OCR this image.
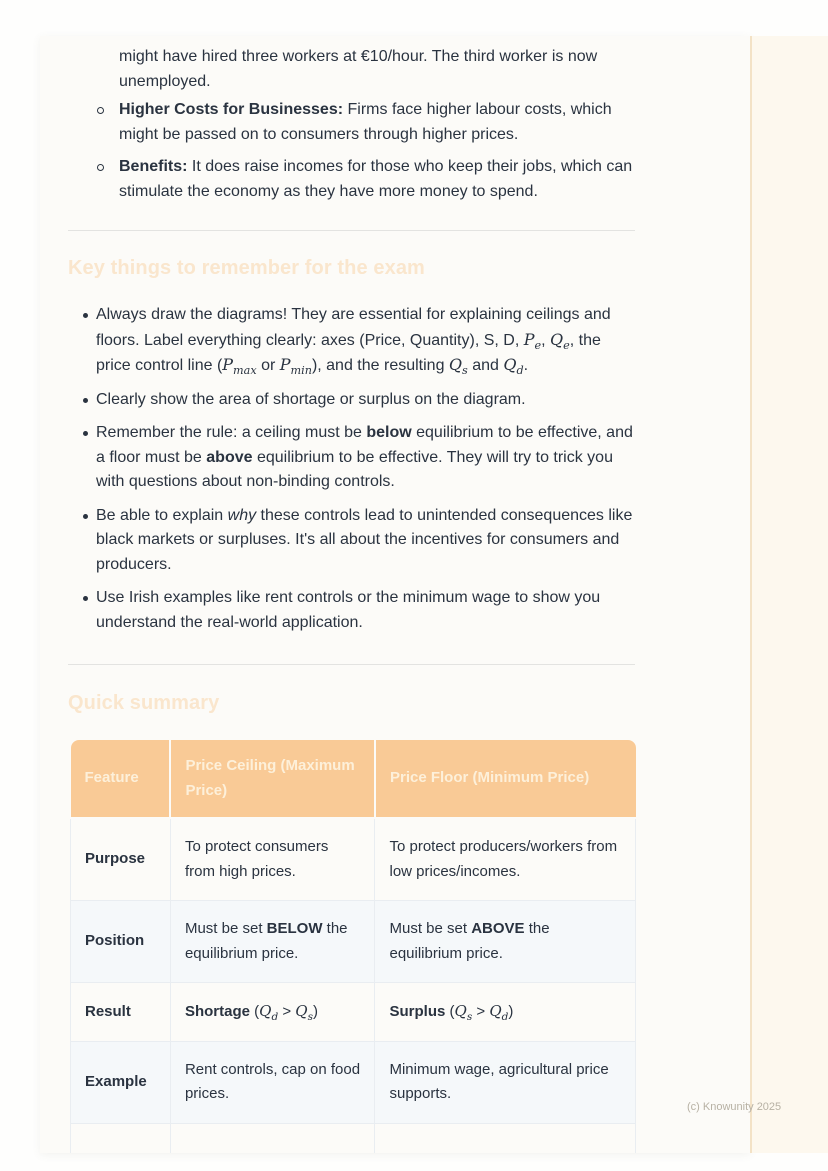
might have hired three workers at €10/hour. The third worker is now unemployed.
Higher Costs for Businesses: Firms face higher labour costs, which might be passed on to consumers through higher prices.
Benefits: It does raise incomes for those who keep their jobs, which can stimulate the economy as they have more money to spend.
Key things to remember for the exam
Always draw the diagrams! They are essential for explaining ceilings and floors. Label everything clearly: axes (Price, Quantity), S, D, $P_e$, $Q_e$, the price control line ($P_{max}$ or $P_{min}$), and the resulting $Q_s$ and $Q_d$.
Clearly show the area of shortage or surplus on the diagram.
Remember the rule: a ceiling must be below equilibrium to be effective, and a floor must be above equilibrium to be effective. They will try to trick you with questions about non-binding controls.
Be able to explain why these controls lead to unintended consequences like black markets or surpluses. It's all about the incentives for consumers and producers.
Use Irish examples like rent controls or the minimum wage to show you understand the real-world application.
Quick summary
Feature	Price Ceiling (Maximum Price)	Price Floor (Minimum Price)
Purpose	To protect consumers from high prices.	To protect producers/workers from low prices/incomes.
Position	Must be set BELOW the equilibrium price.	Must be set ABOVE the equilibrium price.
Result	Shortage $(Q_d > Q_s)$	Surplus $(Q_s > Q_d)$
Example	Rent controls, cap on food prices.	Minimum wage, agricultural price supports.

(c) Knowunity 2025
